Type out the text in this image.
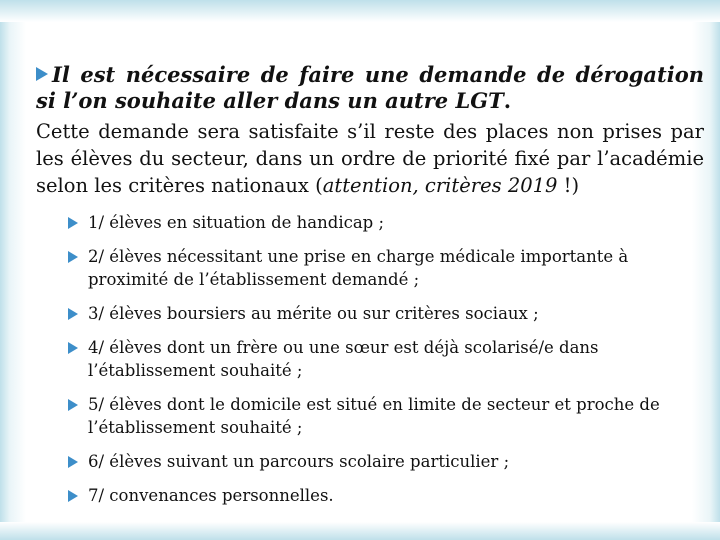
Il est nécessaire de faire une demande de dérogation si l’on souhaite aller dans un autre LGT.

Cette demande sera satisfaite s’il reste des places non prises par les élèves du secteur, dans un ordre de priorité fixé par l’académie selon les critères nationaux (attention, critères 2019 !)

1/ élèves en situation de handicap ;
2/ élèves nécessitant une prise en charge médicale importante à proximité de l’établissement demandé ;
3/ élèves boursiers au mérite ou sur critères sociaux ;
4/ élèves dont un frère ou une sœur est déjà scolarisé/e dans l’établissement souhaité ;
5/ élèves dont le domicile est situé en limite de secteur et proche de l’établissement souhaité ;
6/ élèves suivant un parcours scolaire particulier ;
7/ convenances personnelles.
